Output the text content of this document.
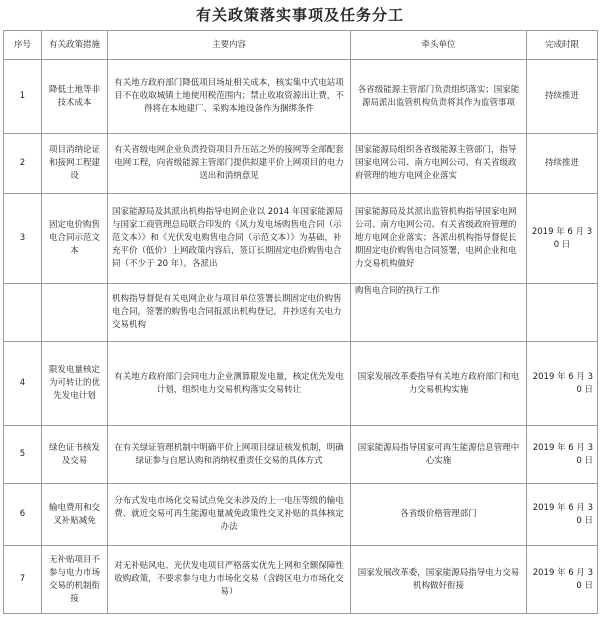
有关政策落实事项及任务分工
序号	有关政策措施	主要内容	牵头单位	完成时限
1	降低土地等非技术成本	有关地方政府部门降低项目场址相关成本，核实集中式电站项目不在收取城镇土地使用税范围内；禁止收取资源出让费，不得将在本地建厂、采购本地设备作为捆绑条件	各省级能源主管部门负责组织落实；国家能源局派出监管机构负责将其作为监管事项	持续推进
2	项目消纳论证和接网工程建设	有关省级电网企业负责投资项目升压站之外的接网等全部配套电网工程，向省级能源主管部门提供拟建平价上网项目的电力送出和消纳意见	国家能源局组织各省级能源主管部门，指导国家电网公司、南方电网公司、有关省级政府管理的地方电网企业落实	持续推进
3	固定电价购售电合同示范文本	国家能源局及其派出机构指导电网企业以 2014 年国家能源局与国家工商管理总局联合印发的《风力发电场购售电合同（示范文本）》和《光伏发电购售电合同（示范文本）》为基础，补充平价（低价）上网政策内容后，签订长期固定电价购售电合同（不少于 20 年）。各派出	国家能源局及其派出监管机构指导国家电网公司、南方电网公司、有关省级政府管理的地方电网企业落实；各派出机构指导督促长期固定电价购售电合同签署，电网企业和电力交易机构做好	2019 年 6 月 30 日
		机构指导督促有关电网企业与项目单位签署长期固定电价购售电合同，签署的购售电合同报派出机构登记，并抄送有关电力交易机构	购售电合同的执行工作	
4	限发电量核定为可转让的优先发电计划	有关地方政府部门会同电力企业测算限发电量，核定优先发电计划，组织电力交易机构落实交易转让	国家发展改革委指导有关地方政府部门和电力交易机构实施	2019 年 6 月 30 日
5	绿色证书核发及交易	在有关绿证管理机制中明确平价上网项目绿证核发机制，明确绿证参与自愿认购和消纳权重责任交易的具体方式	国家能源局指导国家可再生能源信息管理中心实施	2019 年 6 月 30 日
6	输电费用和交叉补贴减免	分布式发电市场化交易试点免交未涉及的上一电压等级的输电费、就近交易可再生能源电量减免政策性交叉补贴的具体核定办法	各省级价格管理部门	2019 年 6 月 30 日
7	无补贴项目不参与电力市场交易的机制衔接	对无补贴风电、光伏发电项目严格落实优先上网和全额保障性收购政策，不要求参与电力市场化交易（含跨区电力市场化交易）	国家发展改革委，国家能源局指导电力交易机构做好衔接	2019 年 6 月 30 日
